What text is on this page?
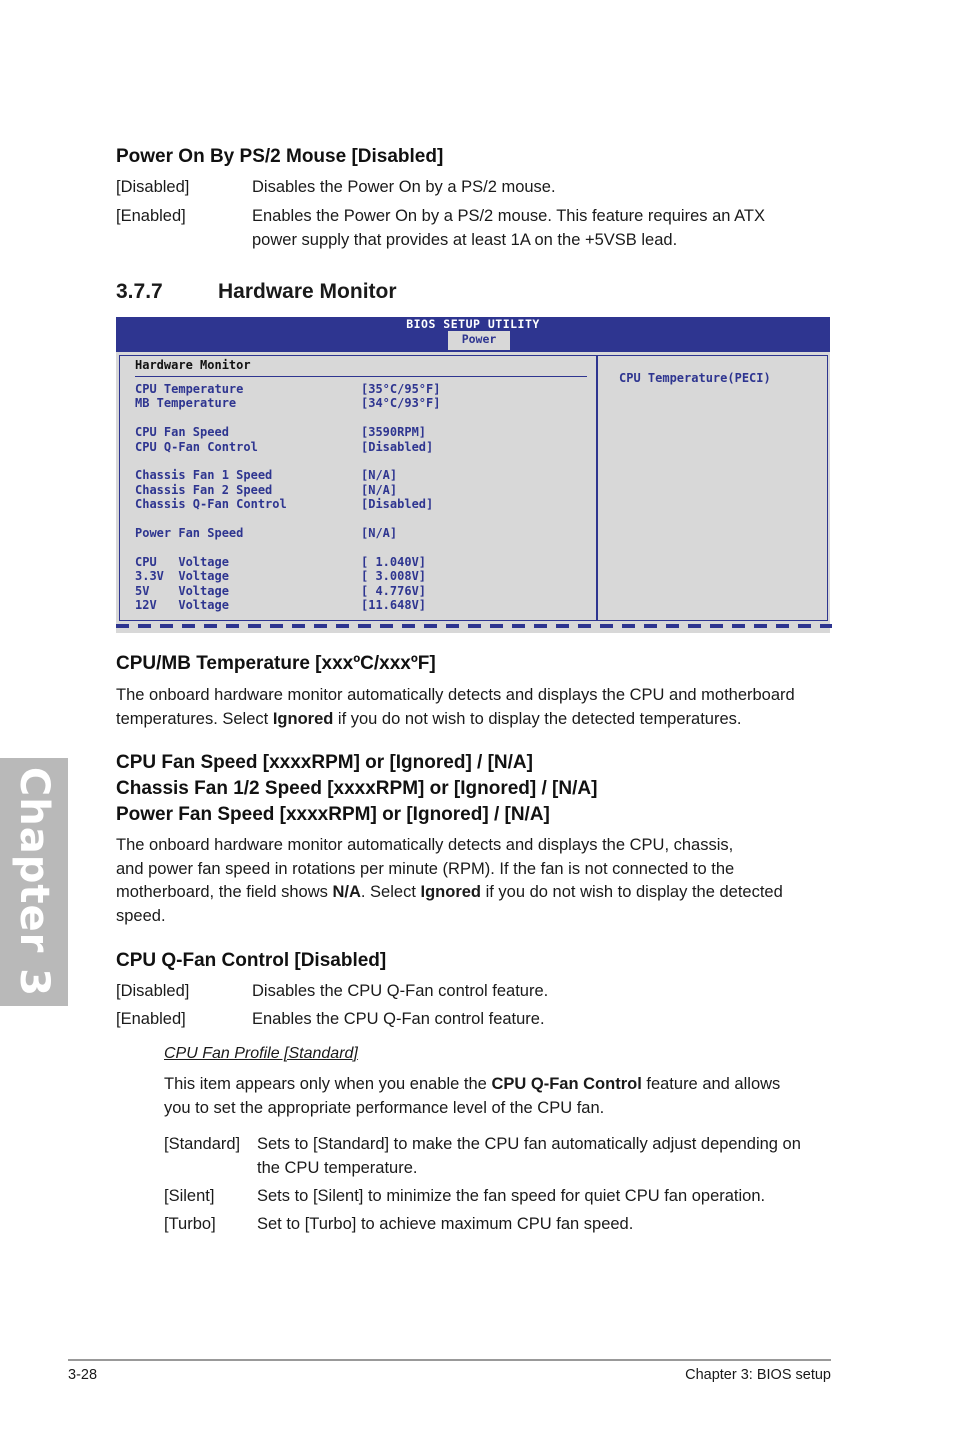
Chapter 3
Power On By PS/2 Mouse [Disabled]
[Disabled]	Disables the Power On by a PS/2 mouse.
[Enabled]	Enables the Power On by a PS/2 mouse. This feature requires an ATX
power supply that provides at least 1A on the +5VSB lead.
3.7.7	Hardware Monitor
BIOS SETUP UTILITY
Power
Hardware Monitor
CPU Temperature	[35°C/95°F]
MB Temperature	[34°C/93°F]
CPU Fan Speed	[3590RPM]
CPU Q-Fan Control	[Disabled]
Chassis Fan 1 Speed	[N/A]
Chassis Fan 2 Speed	[N/A]
Chassis Q-Fan Control	[Disabled]
Power Fan Speed	[N/A]
CPU   Voltage	[ 1.040V]
3.3V  Voltage	[ 3.008V]
5V    Voltage	[ 4.776V]
12V   Voltage	[11.648V]
CPU Temperature(PECI)
CPU/MB Temperature [xxxºC/xxxºF]
The onboard hardware monitor automatically detects and displays the CPU and motherboard
temperatures. Select Ignored if you do not wish to display the detected temperatures.
CPU Fan Speed [xxxxRPM] or [Ignored] / [N/A]
Chassis Fan 1/2 Speed [xxxxRPM] or [Ignored] / [N/A]
Power Fan Speed [xxxxRPM] or [Ignored] / [N/A]
The onboard hardware monitor automatically detects and displays the CPU, chassis,
and power fan speed in rotations per minute (RPM). If the fan is not connected to the
motherboard, the field shows N/A. Select Ignored if you do not wish to display the detected
speed.
CPU Q-Fan Control [Disabled]
[Disabled]	Disables the CPU Q-Fan control feature.
[Enabled]	Enables the CPU Q-Fan control feature.
CPU Fan Profile [Standard]
This item appears only when you enable the CPU Q-Fan Control feature and allows
you to set the appropriate performance level of the CPU fan.
[Standard] Sets to [Standard] to make the CPU fan automatically adjust depending on
the CPU temperature.
[Silent]	Sets to [Silent] to minimize the fan speed for quiet CPU fan operation.
[Turbo]	Set to [Turbo] to achieve maximum CPU fan speed.
3-28	Chapter 3: BIOS setup
